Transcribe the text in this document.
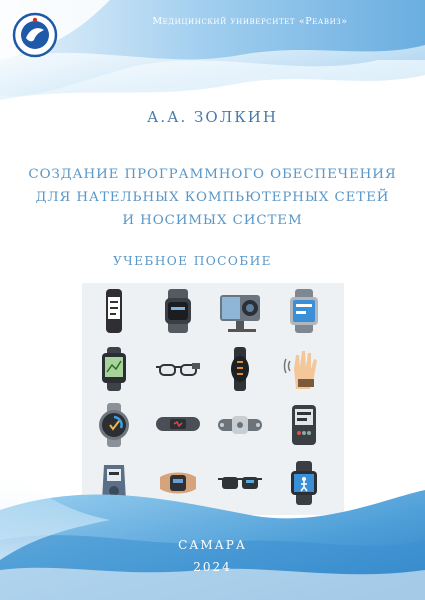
Медицинский университет «Реавиз»
А.А. ЗОЛКИН
СОЗДАНИЕ ПРОГРАММНОГО ОБЕСПЕЧЕНИЯ
ДЛЯ НАТЕЛЬНЫХ КОМПЬЮТЕРНЫХ СЕТЕЙ
И НОСИМЫХ СИСТЕМ
УЧЕБНОЕ ПОСОБИЕ
САМАРА
2024
